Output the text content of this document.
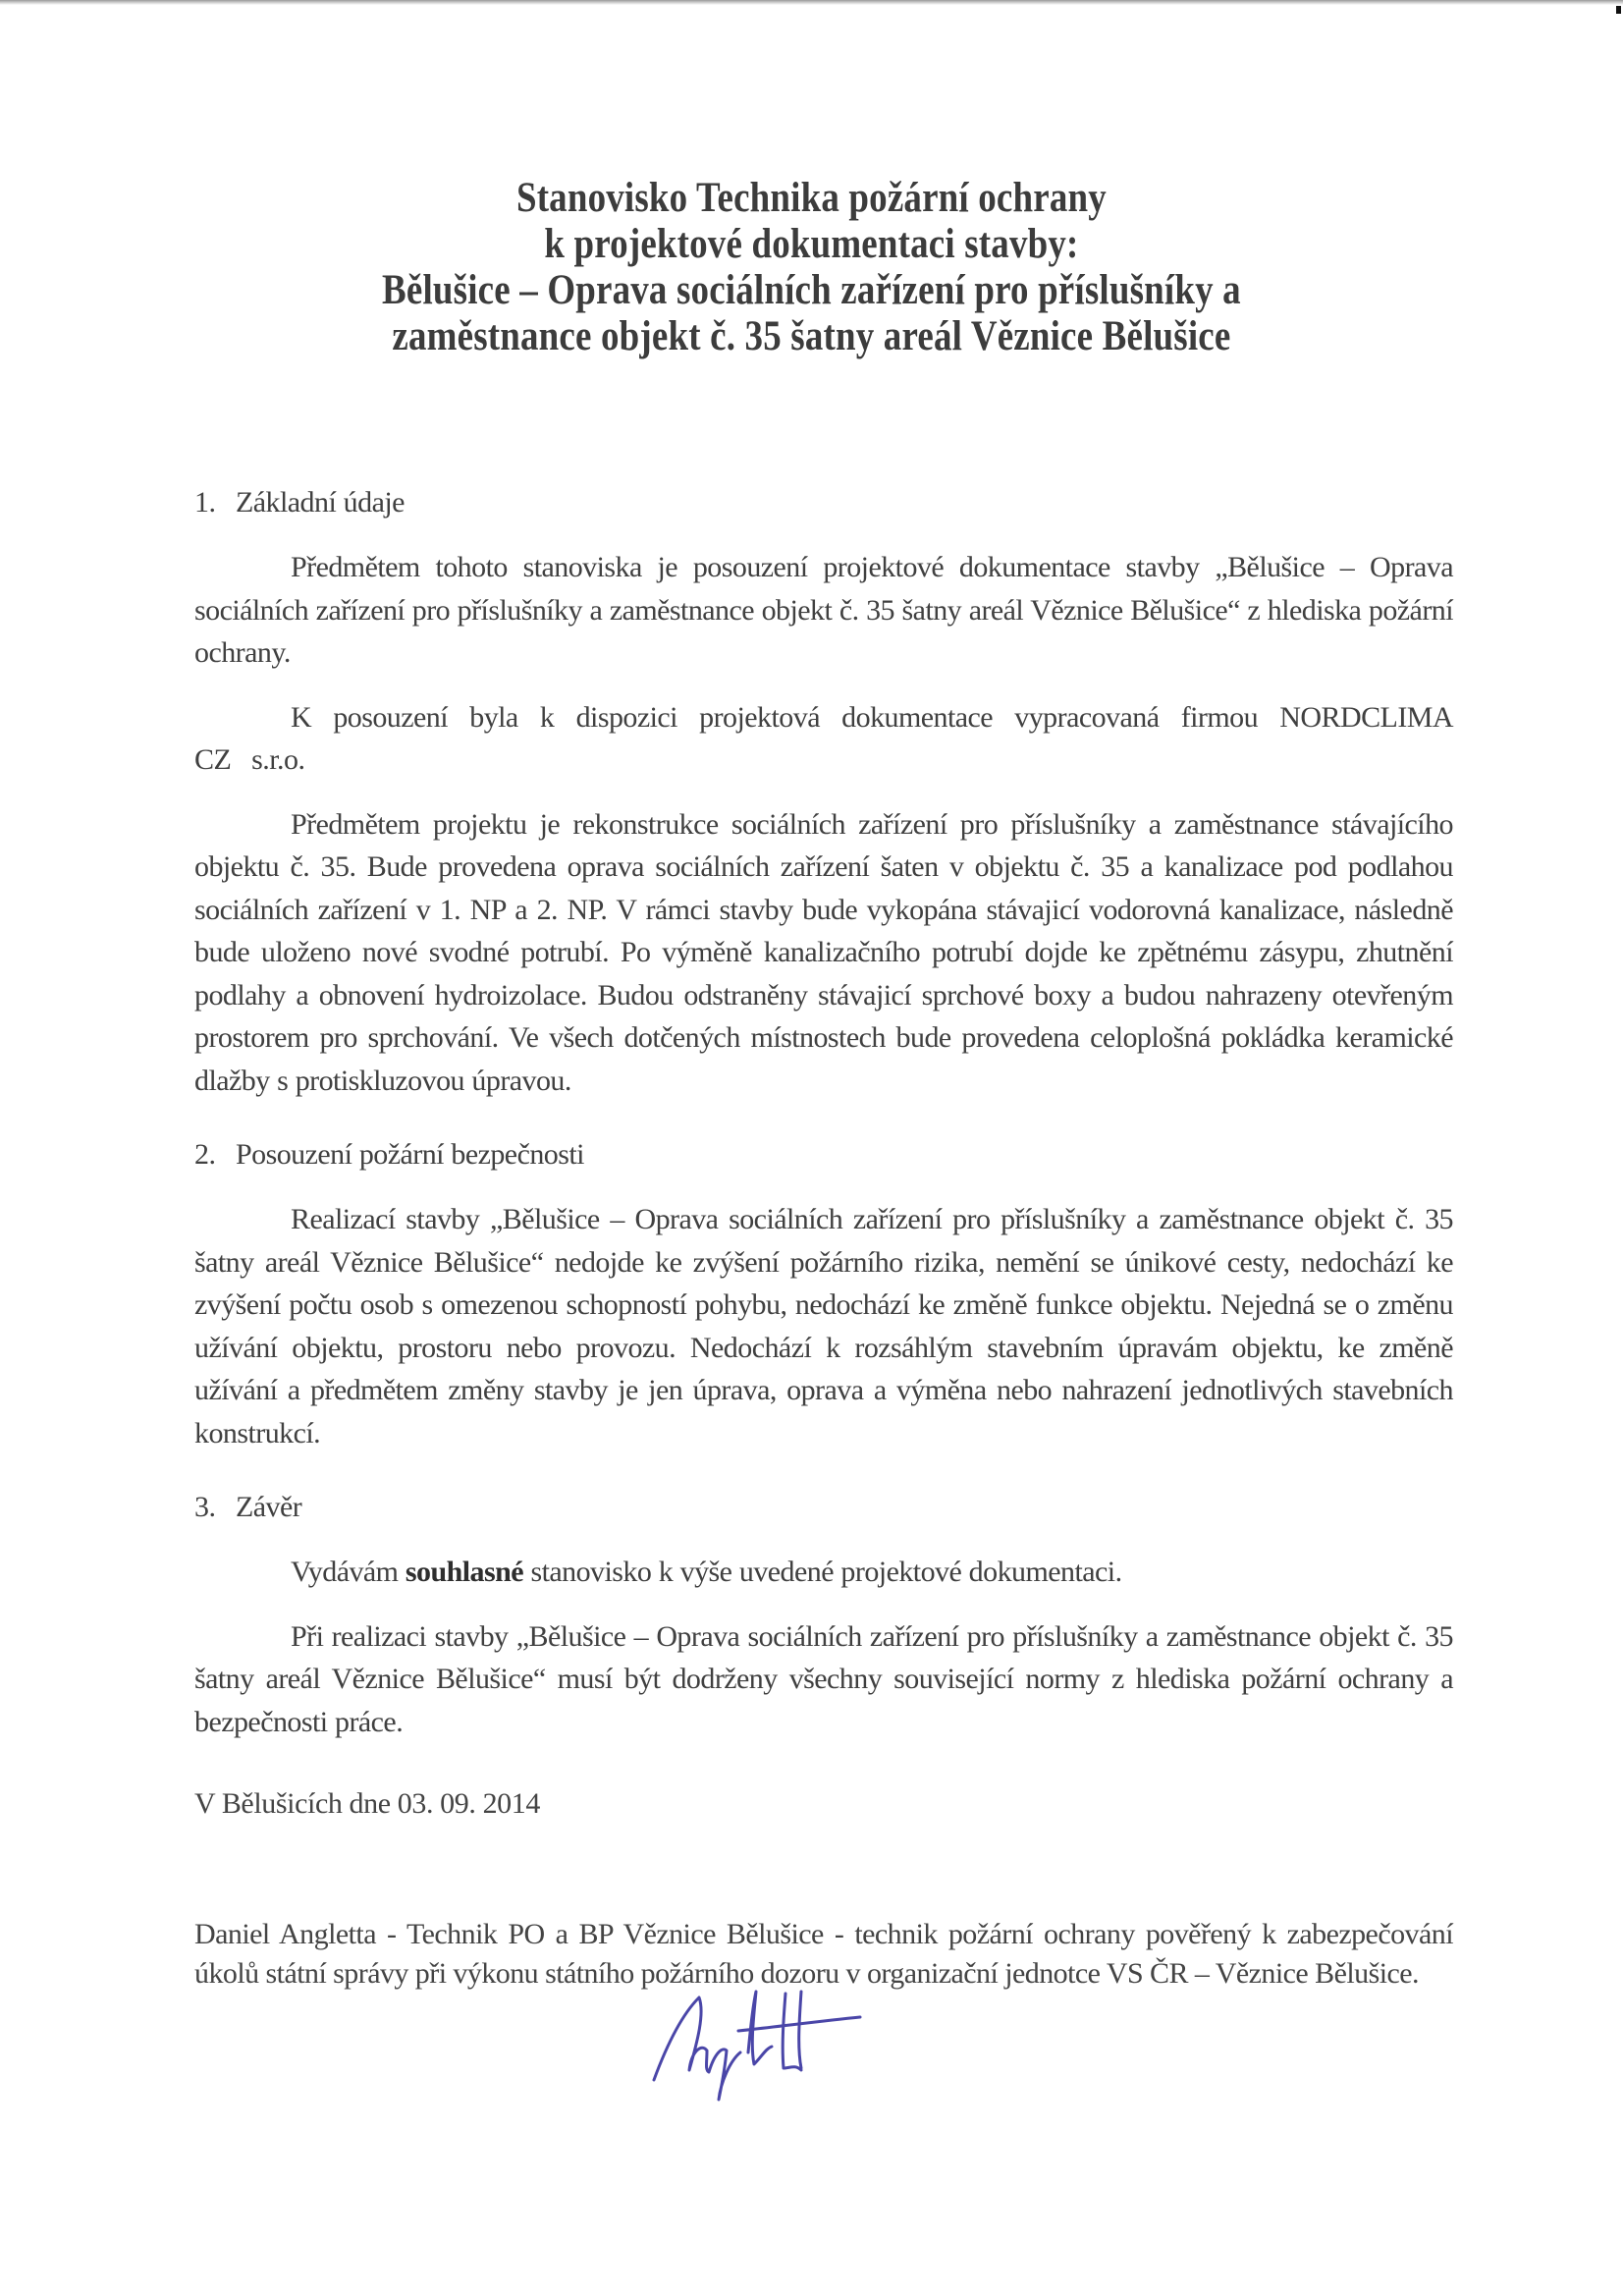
Stanovisko Technika požární ochrany
k projektové dokumentaci stavby:
Bělušice – Oprava sociálních zařízení pro příslušníky a
zaměstnance objekt č. 35 šatny areál Věznice Bělušice
1. Základní údaje

Předmětem tohoto stanoviska je posouzení projektové dokumentace stavby „Bělušice – Oprava sociálních zařízení pro příslušníky a zaměstnance objekt č. 35 šatny areál Věznice Bělušice“ z hlediska požární ochrany.

K posouzení byla k dispozici projektová dokumentace vypracovaná firmou NORDCLIMA CZ s.r.o.

Předmětem projektu je rekonstrukce sociálních zařízení pro příslušníky a zaměstnance stávajícího objektu č. 35. Bude provedena oprava sociálních zařízení šaten v objektu č. 35 a kanalizace pod podlahou sociálních zařízení v 1. NP a 2. NP. V rámci stavby bude vykopána stávajicí vodorovná kanalizace, následně bude uloženo nové svodné potrubí. Po výměně kanalizačního potrubí dojde ke zpětnému zásypu, zhutnění podlahy a obnovení hydroizolace. Budou odstraněny stávajicí sprchové boxy a budou nahrazeny otevřeným prostorem pro sprchování. Ve všech dotčených místnostech bude provedena celoplošná pokládka keramické dlažby s protiskluzovou úpravou.

2. Posouzení požární bezpečnosti

Realizací stavby „Bělušice – Oprava sociálních zařízení pro příslušníky a zaměstnance objekt č. 35 šatny areál Věznice Bělušice“ nedojde ke zvýšení požárního rizika, nemění se únikové cesty, nedochází ke zvýšení počtu osob s omezenou schopností pohybu, nedochází ke změně funkce objektu. Nejedná se o změnu užívání objektu, prostoru nebo provozu. Nedochází k rozsáhlým stavebním úpravám objektu, ke změně užívání a předmětem změny stavby je jen úprava, oprava a výměna nebo nahrazení jednotlivých stavebních konstrukcí.

3. Závěr

Vydávám souhlasné stanovisko k výše uvedené projektové dokumentaci.

Při realizaci stavby „Bělušice – Oprava sociálních zařízení pro příslušníky a zaměstnance objekt č. 35 šatny areál Věznice Bělušice“ musí být dodrženy všechny související normy z hlediska požární ochrany a bezpečnosti práce.

V Bělušicích dne 03. 09. 2014
Daniel Angletta - Technik PO a BP Věznice Bělušice - technik požární ochrany pověřený k zabezpečování úkolů státní správy při výkonu státního požárního dozoru v organizační jednotce VS ČR – Věznice Bělušice.
